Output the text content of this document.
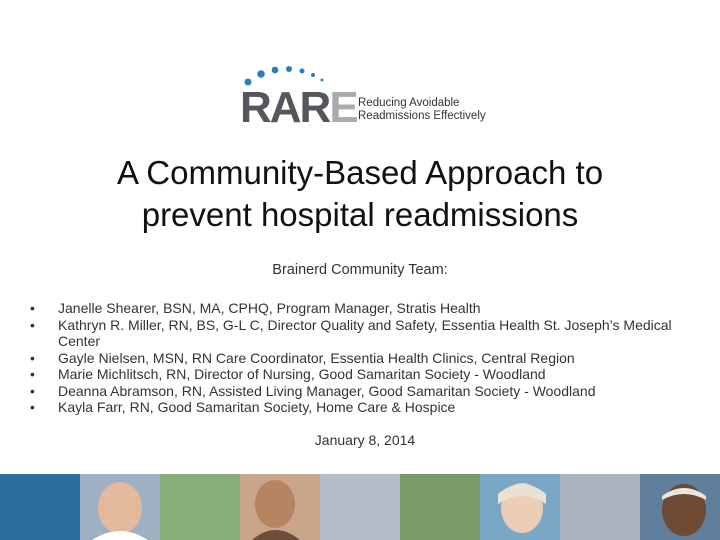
RARE Reducing Avoidable
Readmissions Effectively
A Community-Based Approach to
prevent hospital readmissions
Brainerd Community Team:
• Janelle Shearer, BSN, MA, CPHQ, Program Manager, Stratis Health
• Kathryn R. Miller, RN, BS, G-L C, Director Quality and Safety, Essentia Health St. Joseph’s Medical Center
• Gayle Nielsen, MSN, RN Care Coordinator, Essentia Health Clinics, Central Region
• Marie Michlitsch, RN, Director of Nursing, Good Samaritan Society - Woodland
• Deanna Abramson, RN, Assisted Living Manager, Good Samaritan Society - Woodland
• Kayla Farr, RN, Good Samaritan Society, Home Care & Hospice
January 8, 2014
